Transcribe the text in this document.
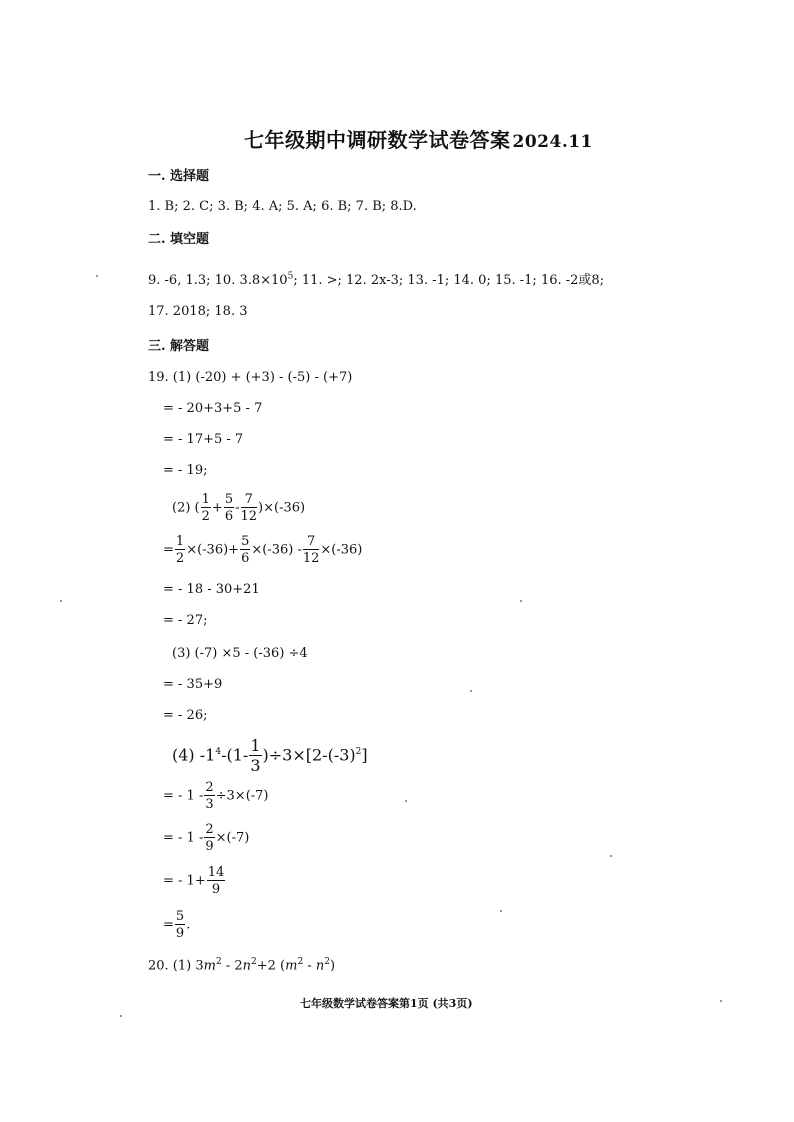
七年级期中调研数学试卷答案 2024.11
一. 选择题
1. B; 2. C; 3. B; 4. A; 5. A; 6. B; 7. B; 8.D.
二. 填空题
9. -6, 1.3; 10. $3.8\times 10^5$; 11. >; 12. 2x-3; 13. -1; 14. 0; 15. -1; 16. -2或8;
17. 2018; 18. 3
三. 解答题
19. (1) (-20) + (+3) - (-5) - (+7)
= - 20+3+5 - 7
= - 17+5 - 7
= - 19;
(2) ( $\frac{1}{2} + \frac{5}{6} - \frac{7}{12} )\times(-36)$
= $\frac{1}{2} \times(-36)+ \frac{5}{6} \times(-36) - \frac{7}{12} \times(-36)$
= - 18 - 30+21
= - 27;
(3) (-7) ×5 - (-36) ÷4
= - 35+9
= - 26;
(4) $-1^4-(1- \frac{1}{3} )\div 3\times[2-(-3)^2]$
= - $1 - \frac{2}{3} \div 3\times(-7)$
= - $1 - \frac{2}{9} \times(-7)$
= - $1+ \frac{14}{9}$
= $\frac{5}{9}$ .
20. (1) $3m^2 - 2n^2+2$ $(m^2 - n^2)$
七年级数学试卷答案第1页 (共3页)
